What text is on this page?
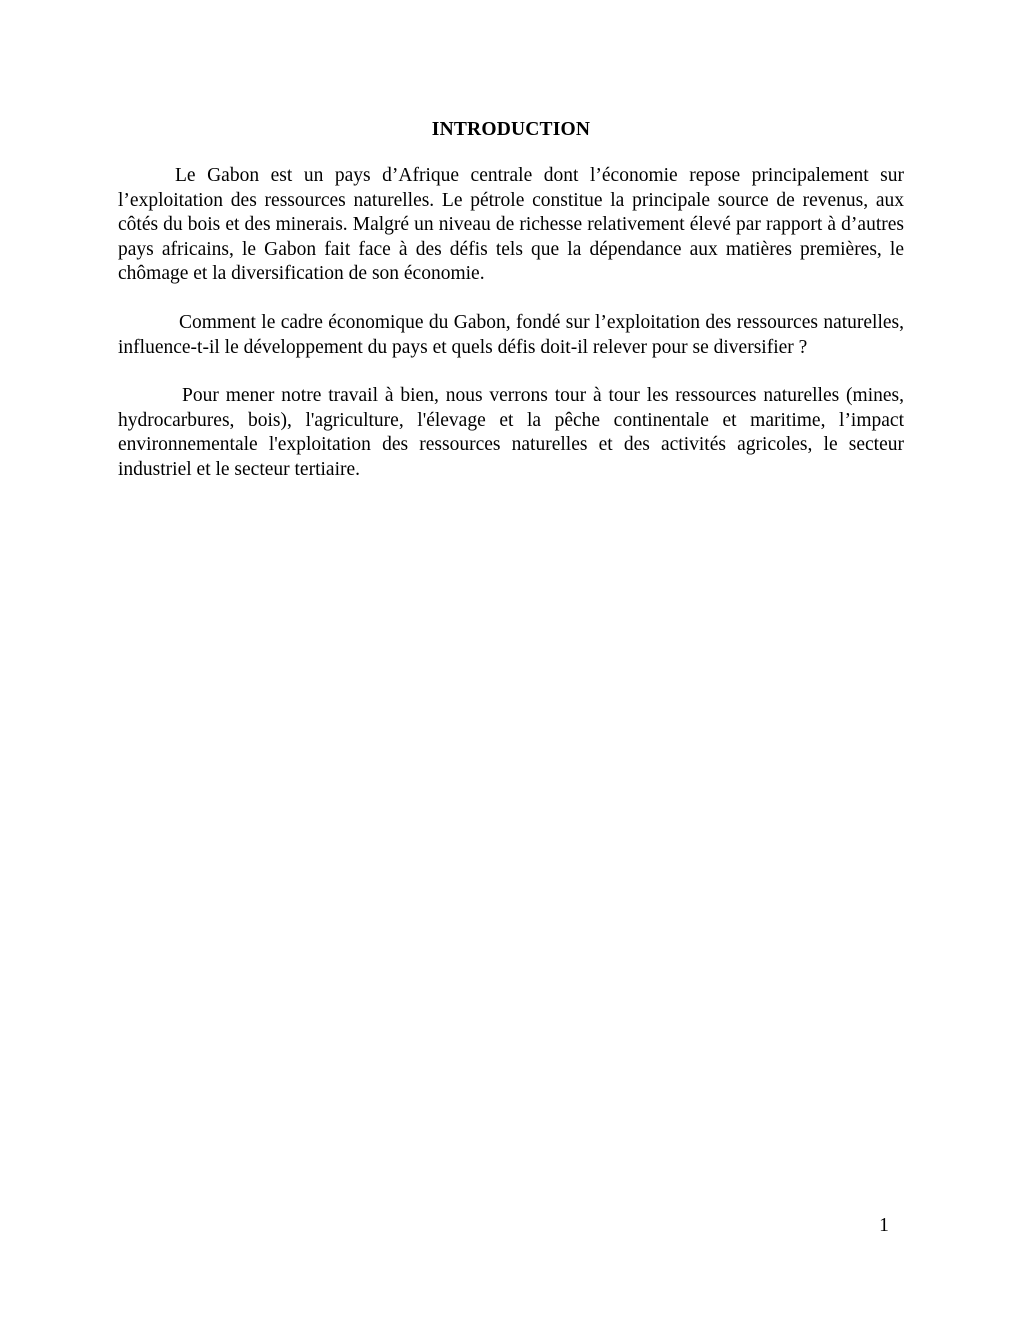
INTRODUCTION

Le Gabon est un pays d’Afrique centrale dont l’économie repose principalement sur l’exploitation des ressources naturelles. Le pétrole constitue la principale source de revenus, aux côtés du bois et des minerais. Malgré un niveau de richesse relativement élevé par rapport à d’autres pays africains, le Gabon fait face à des défis tels que la dépendance aux matières premières, le chômage et la diversification de son économie.

Comment le cadre économique du Gabon, fondé sur l’exploitation des ressources naturelles, influence-t-il le développement du pays et quels défis doit-il relever pour se diversifier ?

Pour mener notre travail à bien, nous verrons tour à tour les ressources naturelles (mines, hydrocarbures, bois), l'agriculture, l'élevage et la pêche continentale et maritime, l’impact environnementale l'exploitation des ressources naturelles et des activités agricoles, le secteur industriel et le secteur tertiaire.

1
